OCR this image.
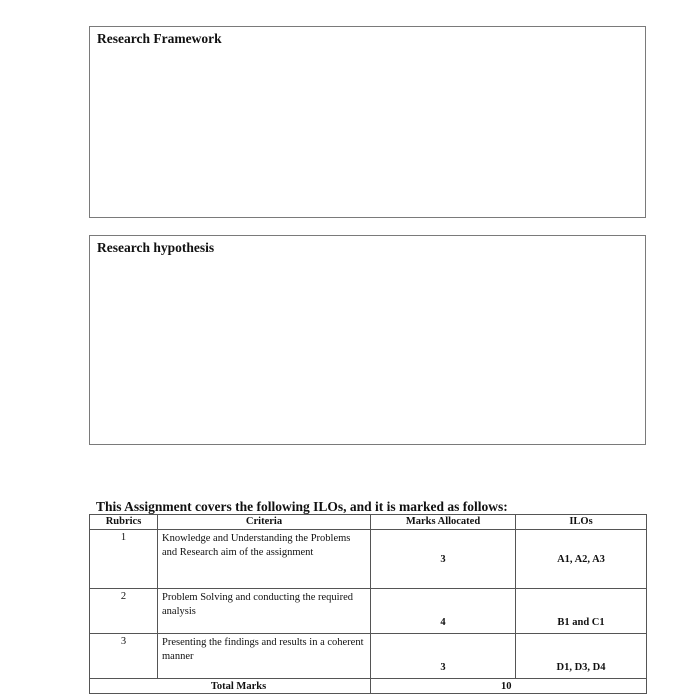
Research Framework
Research hypothesis
This Assignment covers the following ILOs, and it is marked as follows:
Rubrics	Criteria	Marks Allocated	ILOs
1	Knowledge and Understanding the Problems and Research aim of the assignment	3	A1, A2, A3
2	Problem Solving and conducting the required analysis	4	B1 and C1
3	Presenting the findings and results in a coherent manner	3	D1, D3, D4
Total Marks		10	
